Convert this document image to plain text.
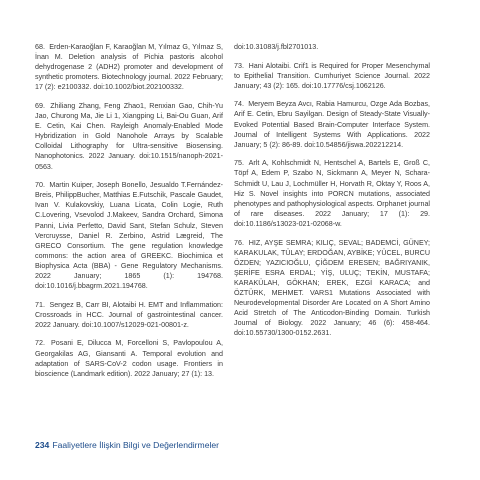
68. Erden-Karaoğlan F, Karaoğlan M, Yılmaz G, Yılmaz S, İnan M. Deletion analysis of Pichia pastoris alcohol dehydrogenase 2 (ADH2) promoter and development of synthetic promoters. Biotechnology journal. 2022 February; 17 (2): e2100332. doi:10.1002/biot.202100332.

69. Zhiliang Zhang, Feng Zhao1, Renxian Gao, Chih-Yu Jao, Churong Ma, Jie Li 1, Xiangping Li, Bai-Ou Guan, Arif E. Cetin, Kai Chen. Rayleigh Anomaly-Enabled Mode Hybridization in Gold Nanohole Arrays by Scalable Colloidal Lithography for Ultra-sensitive Biosensing. Nanophotonics. 2022 January. doi:10.1515/nanoph-2021-0563.

70. Martin Kuiper, Joseph Bonello, Jesualdo T.Fernández-Breis, PhilippBucher, Matthias E.Futschik, Pascale Gaudet, Ivan V. Kulakovskiy, Luana Licata, Colin Logie, Ruth C.Lovering, Vsevolod J.Makeev, Sandra Orchard, Simona Panni, Livia Perfetto, David Sant, Stefan Schulz, Steven Vercruysse, Daniel R. Zerbino, Astrid Lægreid, The GRECO Consortium. The gene regulation knowledge commons: the action area of GREEKC. Biochimica et Biophysica Acta (BBA) - Gene Regulatory Mechanisms. 2022 January; 1865 (1): 194768. doi:10.1016/j.bbagrm.2021.194768.

71. Sengez B, Carr BI, Alotaibi H. EMT and Inflammation: Crossroads in HCC. Journal of gastrointestinal cancer. 2022 January. doi:10.1007/s12029-021-00801-z.

72. Posani E, Dilucca M, Forcelloni S, Pavlopoulou A, Georgakilas AG, Giansanti A. Temporal evolution and adaptation of SARS-CoV-2 codon usage. Frontiers in bioscience (Landmark edition). 2022 January; 27 (1): 13.

doi:10.31083/j.fbl2701013.

73. Hani Alotaibi. Crif1 is Required for Proper Mesenchymal to Epithelial Transition. Cumhuriyet Science Journal. 2022 January; 43 (2): 165. doi:10.17776/csj.1062126.

74. Meryem Beyza Avcı, Rabia Hamurcu, Ozge Ada Bozbas, Arif E. Cetin, Ebru Sayilgan. Design of Steady-State Visually-Evoked Potential Based Brain-Computer Interface System. Journal of Intelligent Systems With Applications. 2022 January; 5 (2): 86-89. doi:10.54856/jiswa.202212214.

75. Arlt A, Kohlschmidt N, Hentschel A, Bartels E, Groß C, Töpf A, Edem P, Szabo N, Sickmann A, Meyer N, Schara-Schmidt U, Lau J, Lochmüller H, Horvath R, Oktay Y, Roos A, Hiz S. Novel insights into PORCN mutations, associated phenotypes and pathophysiological aspects. Orphanet journal of rare diseases. 2022 January; 17 (1): 29. doi:10.1186/s13023-021-02068-w.

76. HIZ, AYŞE SEMRA; KILIÇ, SEVAL; BADEMCİ, GÜNEY; KARAKULAK, TÜLAY; ERDOĞAN, AYBİKE; YÜCEL, BURCU ÖZDEN; YAZICIOĞLU, ÇİĞDEM ERESEN; BAĞRIYANIK, ŞERİFE ESRA ERDAL; YİŞ, ULUÇ; TEKİN, MUSTAFA; KARAKÜLAH, GÖKHAN; EREK, EZGİ KARACA; and ÖZTÜRK, MEHMET. VARS1 Mutations Associated with Neurodevelopmental Disorder Are Located on A Short Amino Acid Stretch of The Anticodon-Binding Domain. Turkish Journal of Biology. 2022 January; 46 (6): 458-464. doi:10.55730/1300-0152.2631.

234 Faaliyetlere İlişkin Bilgi ve Değerlendirmeler
